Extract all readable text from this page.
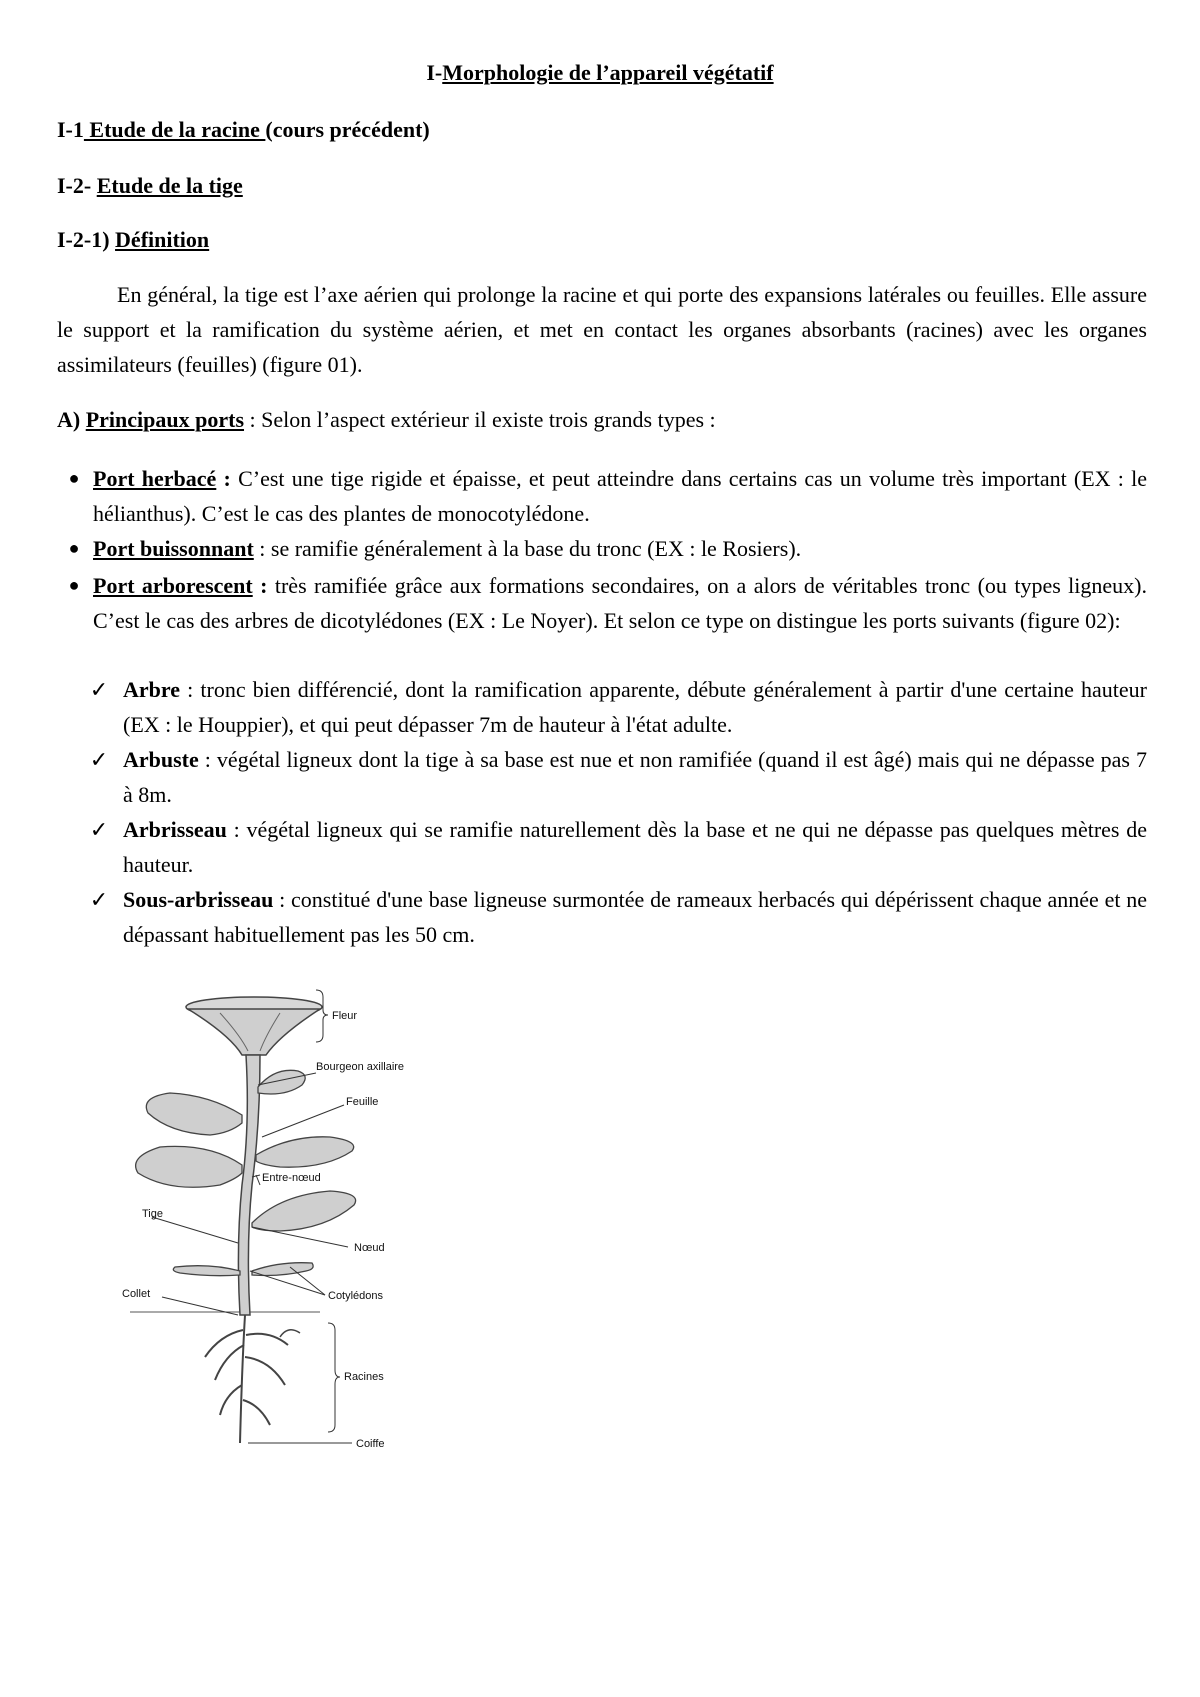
I-Morphologie de l’appareil végétatif
I-1 Etude de la racine (cours précédent)
I-2- Etude de la tige
I-2-1) Définition
En général, la tige est l’axe aérien qui prolonge la racine et qui porte des expansions latérales ou feuilles. Elle assure le support et la ramification du système aérien, et met en contact les organes absorbants (racines) avec les organes assimilateurs (feuilles) (figure 01).
A) Principaux ports : Selon l’aspect extérieur il existe trois grands types :
● Port herbacé : C’est une tige rigide et épaisse, et peut atteindre dans certains cas un volume très important (EX : le hélianthus). C’est le cas des plantes de monocotylédone.
● Port buissonnant : se ramifie généralement à la base du tronc (EX : le Rosiers).
● Port arborescent : très ramifiée grâce aux formations secondaires, on a alors de véritables tronc (ou types ligneux). C’est le cas des arbres de dicotylédones (EX : Le Noyer). Et selon ce type on distingue les ports suivants (figure 02):
✓ Arbre : tronc bien différencié, dont la ramification apparente, débute généralement à partir d'une certaine hauteur (EX : le Houppier), et qui peut dépasser 7m de hauteur à l'état adulte.
✓ Arbuste : végétal ligneux dont la tige à sa base est nue et non ramifiée (quand il est âgé) mais qui ne dépasse pas 7 à 8m.
✓ Arbrisseau : végétal ligneux qui se ramifie naturellement dès la base et ne qui ne dépasse pas quelques mètres de hauteur.
✓ Sous-arbrisseau : constitué d'une base ligneuse surmontée de rameaux herbacés qui dépérissent chaque année et ne dépassant habituellement pas les 50 cm.
Fleur
Bourgeon axillaire
Feuille
Entre-nœud
Tige
Nœud
Cotylédons
Collet
Racines
Coiffe
